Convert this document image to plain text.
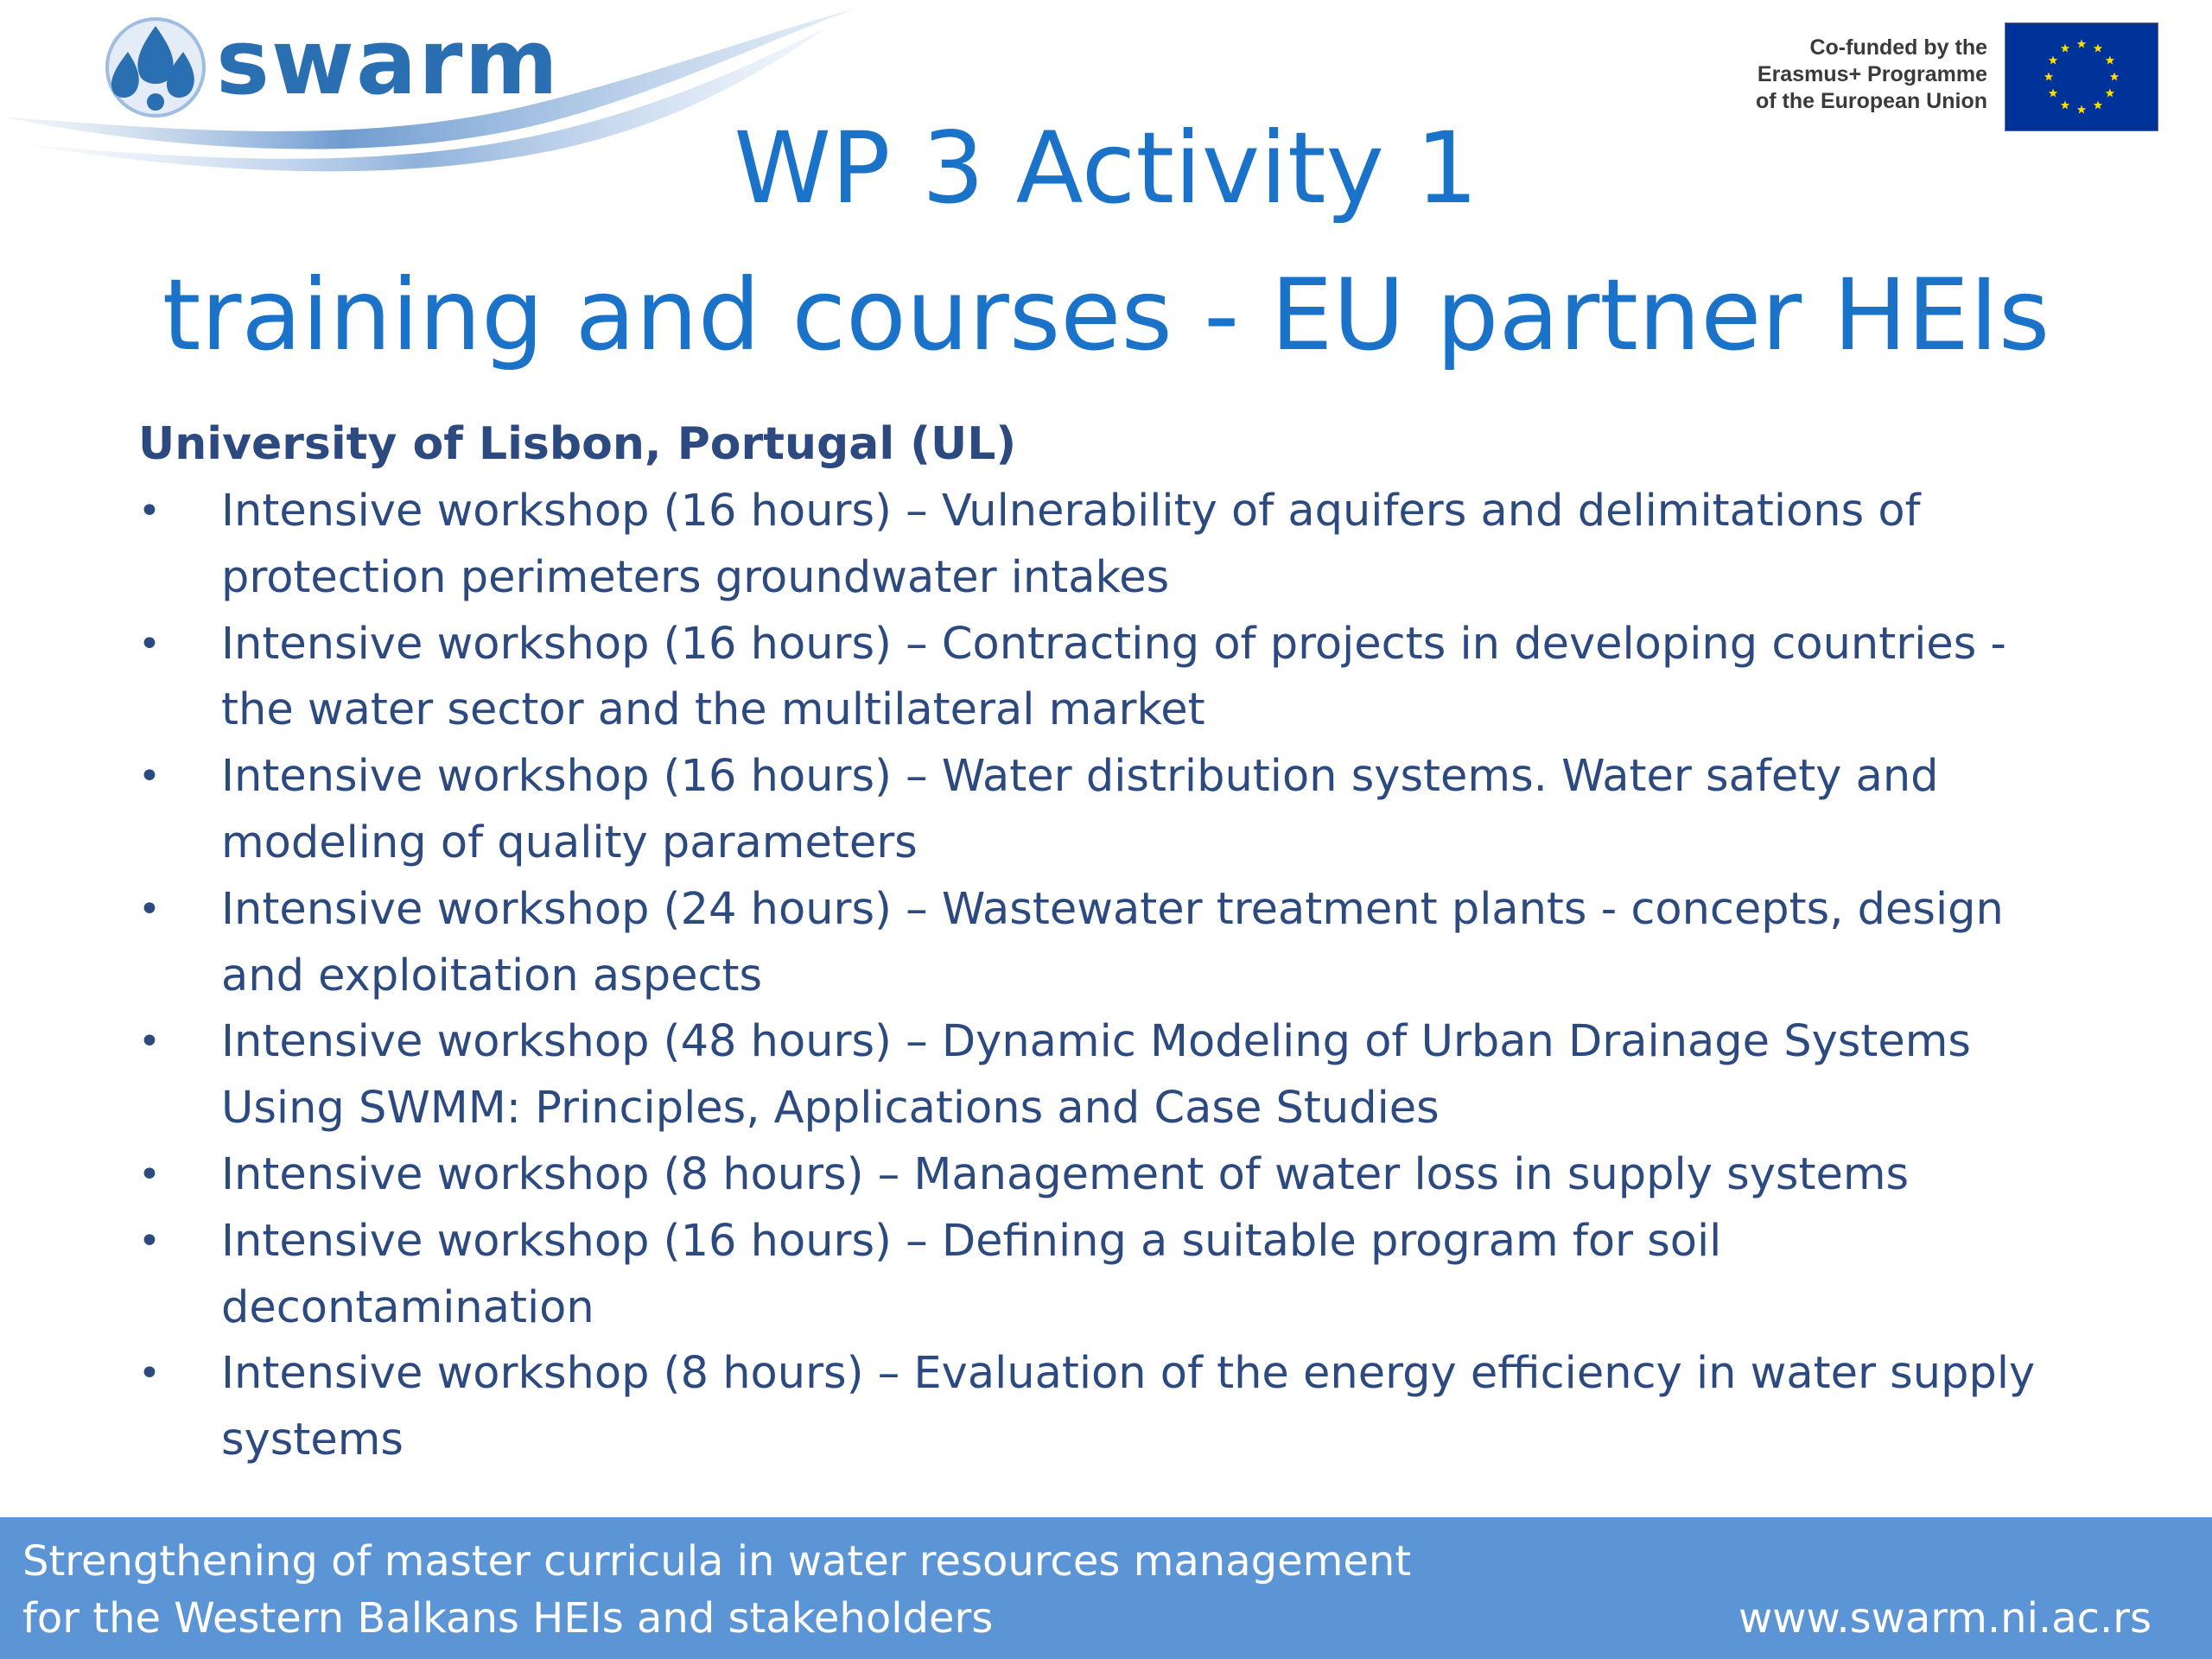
swarm	Co-funded by the
Erasmus+ Programme
of the European Union
WP 3 Activity 1
training and courses - EU partner HEIs
University of Lisbon, Portugal (UL)
• Intensive workshop (16 hours) – Vulnerability of aquifers and delimitations of protection perimeters groundwater intakes
• Intensive workshop (16 hours) – Contracting of projects in developing countries - the water sector and the multilateral market
• Intensive workshop (16 hours) – Water distribution systems. Water safety and modeling of quality parameters
• Intensive workshop (24 hours) – Wastewater treatment plants - concepts, design and exploitation aspects
• Intensive workshop (48 hours) – Dynamic Modeling of Urban Drainage Systems Using SWMM: Principles, Applications and Case Studies
• Intensive workshop (8 hours) – Management of water loss in supply systems
• Intensive workshop (16 hours) – Defining a suitable program for soil decontamination
• Intensive workshop (8 hours) – Evaluation of the energy efficiency in water supply systems
Strengthening of master curricula in water resources management
for the Western Balkans HEIs and stakeholders	www.swarm.ni.ac.rs
